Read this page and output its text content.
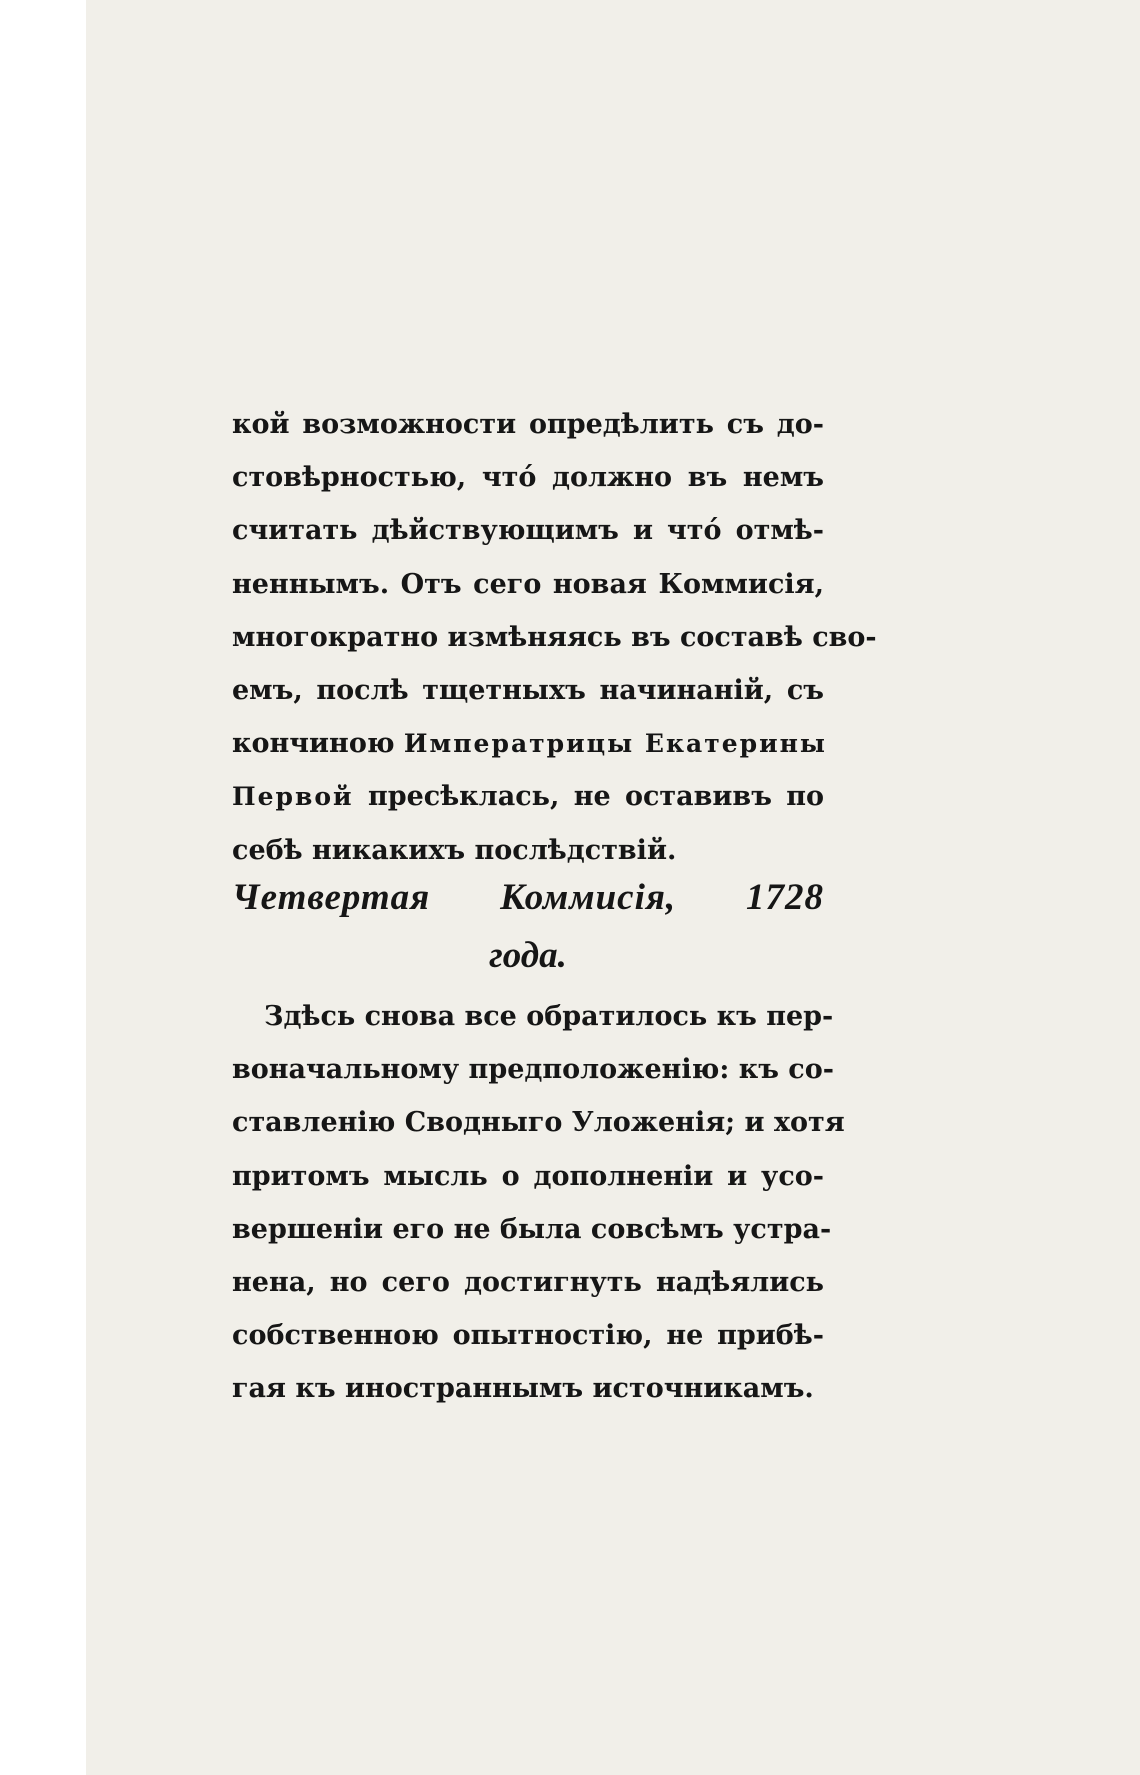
кой возможности опредѣлить съ до-
стовѣрностью, что́ должно въ немъ
считать дѣйствующимъ и что́ отмѣ-
неннымъ. Отъ сего новая Коммисія,
многократно измѣняясь въ составѣ сво-
емъ, послѣ тщетныхъ начинаній, съ
кончиною Императрицы Екатерины
Первой пресѣклась, не оставивъ по
себѣ никакихъ послѣдствій.
Четвертая Коммисія, 1728
года.
Здѣсь снова все обратилось къ пер-
воначальному предположенію: къ со-
ставленію Сводныго Уложенія; и хотя
притомъ мысль о дополненіи и усо-
вершеніи его не была совсѣмъ устра-
нена, но сего достигнуть надѣялись
собственною опытностію, не прибѣ-
гая къ иностраннымъ источникамъ.
